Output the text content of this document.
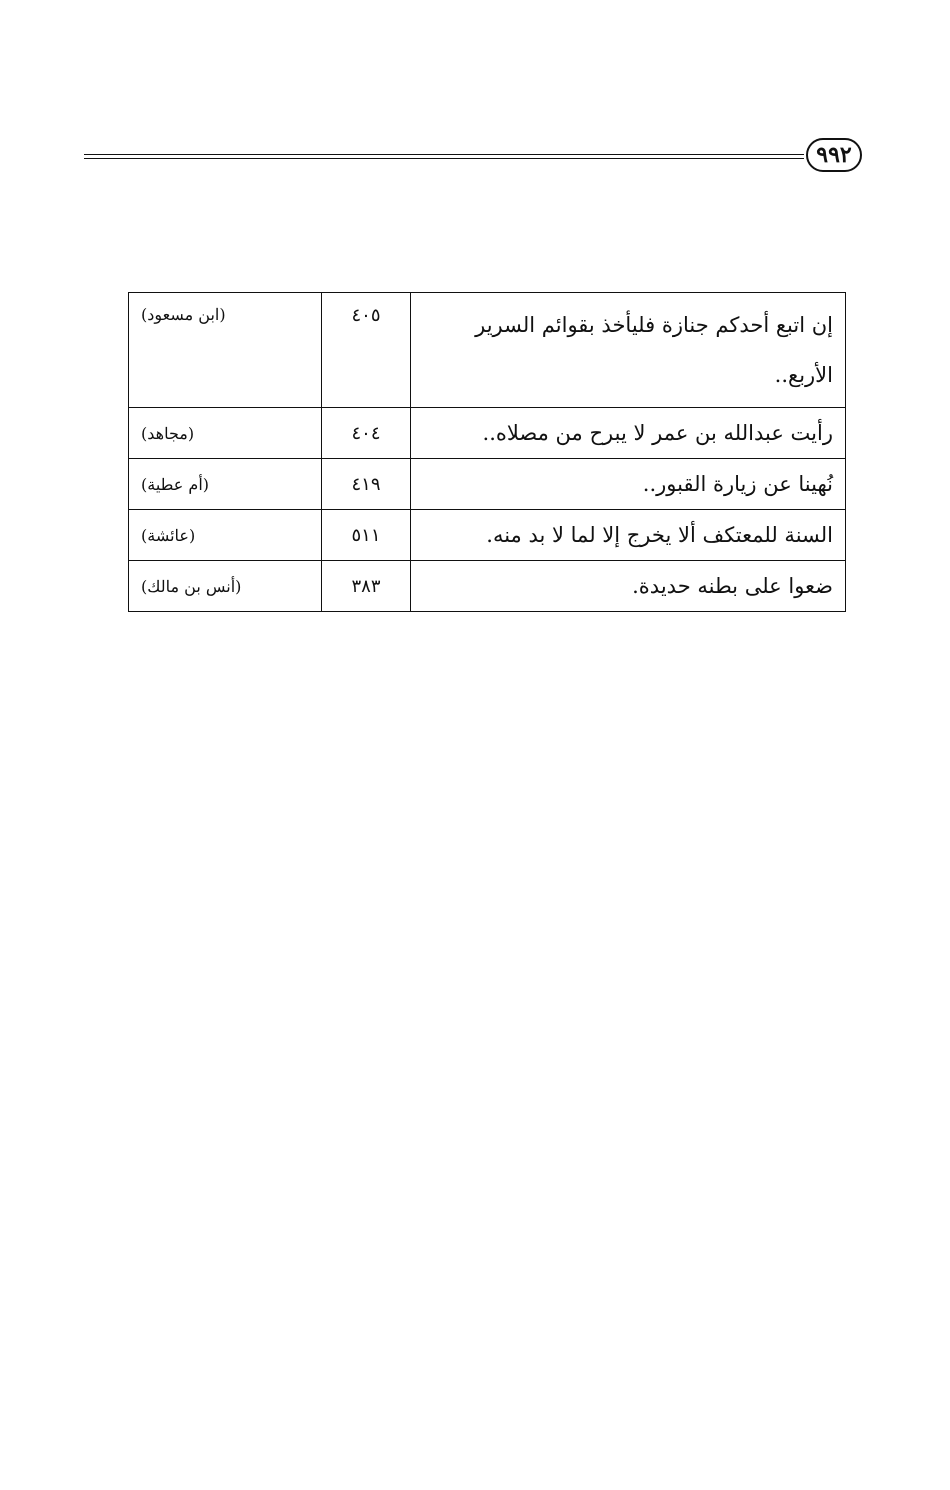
٩٩٢
إن اتبع أحدكم جنازة فليأخذ بقوائم السرير الأربع..	٤٠٥	(ابن مسعود)

رأيت عبدالله بن عمر لا يبرح من مصلاه..	٤٠٤	(مجاهد)

نُهينا عن زيارة القبور..	٤١٩	(أم عطية)

السنة للمعتكف ألا يخرج إلا لما لا بد منه.	٥١١	(عائشة)

ضعوا على بطنه حديدة.	٣٨٣	(أنس بن مالك)
